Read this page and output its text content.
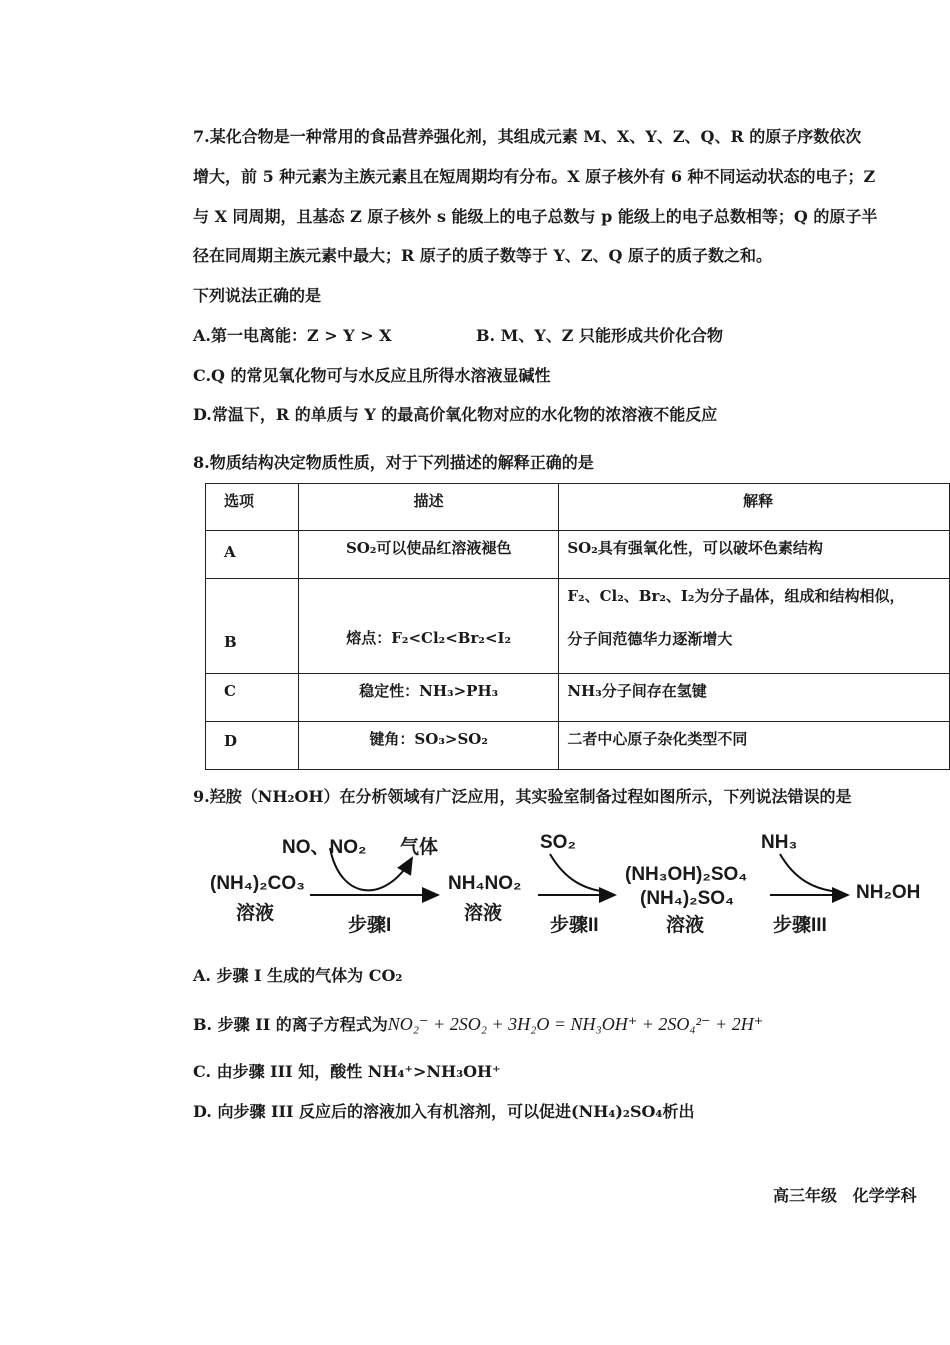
7.某化合物是一种常用的食品营养强化剂，其组成元素 M、X、Y、Z、Q、R 的原子序数依次
增大，前 5 种元素为主族元素且在短周期均有分布。X 原子核外有 6 种不同运动状态的电子；Z
与 X 同周期，且基态 Z 原子核外 s 能级上的电子总数与 p 能级上的电子总数相等；Q 的原子半
径在同周期主族元素中最大；R 原子的质子数等于 Y、Z、Q 原子的质子数之和。
下列说法正确的是
A.第一电离能：Z > Y > X	B. M、Y、Z 只能形成共价化合物
C.Q 的常见氧化物可与水反应且所得水溶液显碱性
D.常温下，R 的单质与 Y 的最高价氧化物对应的水化物的浓溶液不能反应
8.物质结构决定物质性质，对于下列描述的解释正确的是
选项	描述	解释
A	SO₂可以使品红溶液褪色	SO₂具有强氧化性，可以破坏色素结构
B	熔点：F₂<Cl₂<Br₂<I₂	F₂、Cl₂、Br₂、I₂为分子晶体，组成和结构相似，
分子间范德华力逐渐增大

C	稳定性：NH₃>PH₃	NH₃分子间存在氢键
D	键角：SO₃>SO₂	二者中心原子杂化类型不同
9.羟胺（NH₂OH）在分析领域有广泛应用，其实验室制备过程如图所示，下列说法错误的是
NO、NO₂ 气体
(NH₄)₂CO₃
溶液
步骤I
NH₄NO₂
溶液
SO₂
步骤II
(NH₃OH)₂SO₄
(NH₄)₂SO₄
溶液
NH₃
步骤III
NH₂OH
A. 步骤 I 生成的气体为 CO₂
B. 步骤 II 的离子方程式为NO₂⁻ + 2SO₂ + 3H₂O = NH₃OH⁺ + 2SO₄²⁻ + 2H⁺
C. 由步骤 III 知，酸性 NH₄⁺>NH₃OH⁺
D. 向步骤 III 反应后的溶液加入有机溶剂，可以促进(NH₄)₂SO₄析出
高三年级 化学学科
